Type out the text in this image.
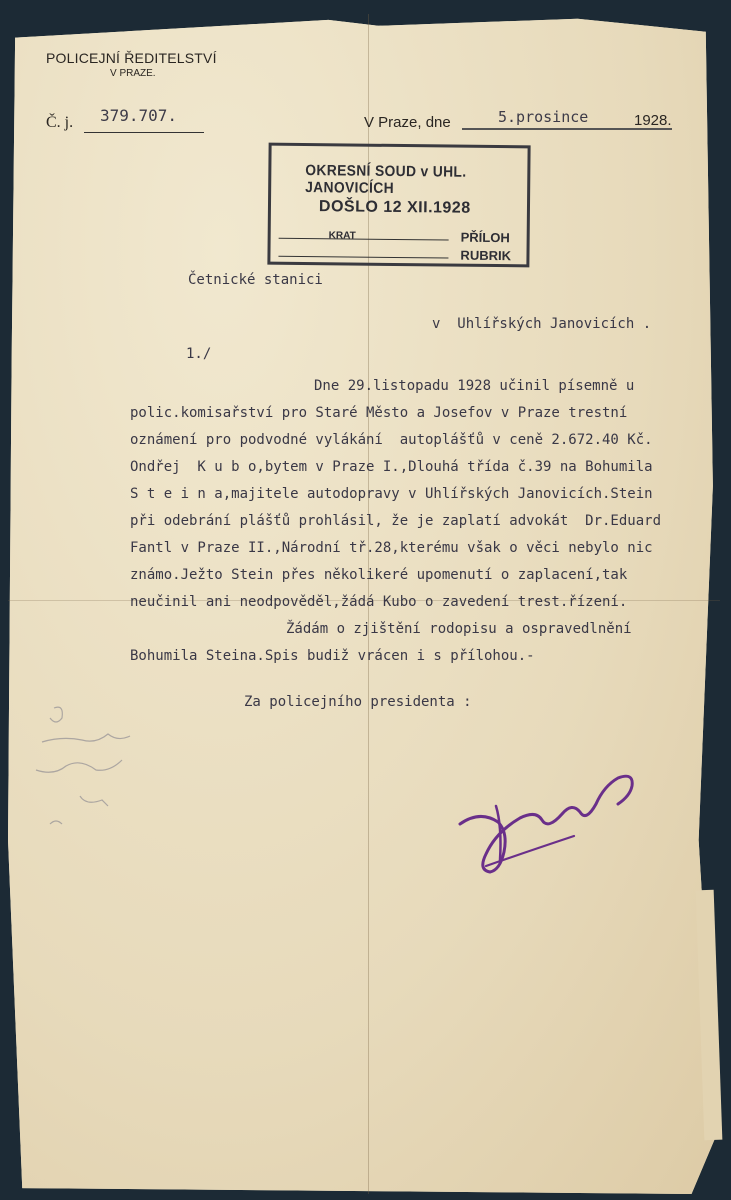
POLICEJNÍ ŘEDITELSTVÍ
V PRAZE.
Č. j. 379.707.	V Praze, dne	5.prosince	1928.
OKRESNÍ SOUD v UHL. JANOVICÍCH
DOŠLO 12 XII.1928
KRAT	PŘÍLOH
RUBRIK
Četnické stanici
v  Uhlířských Janovicích .
1./
Dne 29.listopadu 1928 učinil písemně u
polic.komisařství pro Staré Město a Josefov v Praze trestní
oznámení pro podvodné vylákání  autoplášťů v ceně 2.672.40 Kč.
Ondřej  K u b o,bytem v Praze I.,Dlouhá třída č.39 na Bohumila
S t e i n a,majitele autodopravy v Uhlířských Janovicích.Stein
při odebrání plášťů prohlásil, že je zaplatí advokát  Dr.Eduard
Fantl v Praze II.,Národní tř.28,kterému však o věci nebylo nic
známo.Ježto Stein přes několikeré upomenutí o zaplacení,tak
neučinil ani neodpověděl,žádá Kubo o zavedení trest.řízení.
Žádám o zjištění rodopisu a ospravedlnění
Bohumila Steina.Spis budiž vrácen i s přílohou.-
Za policejního presidenta :
